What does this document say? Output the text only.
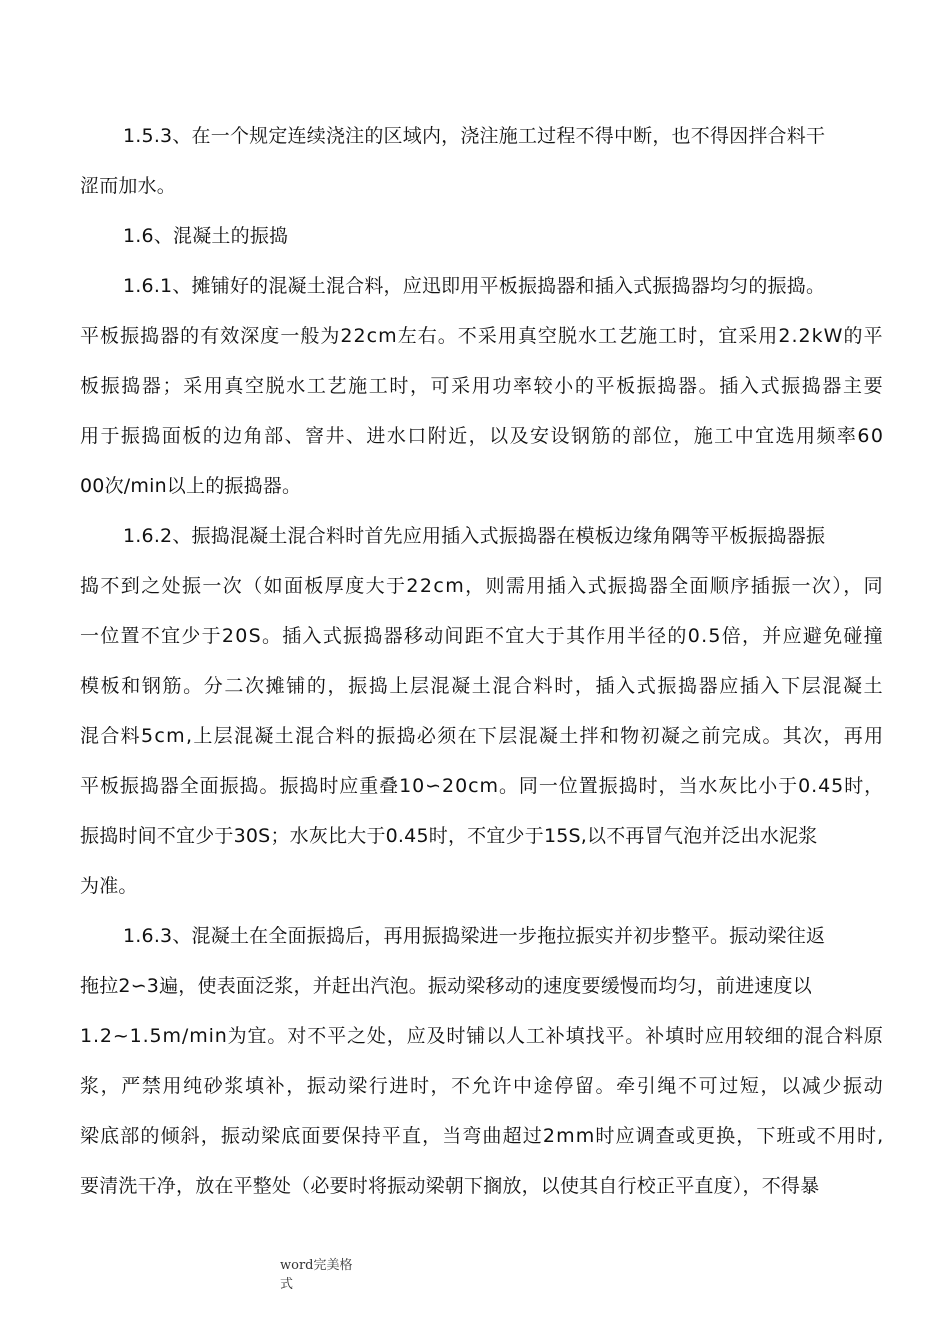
1.5.3、在一个规定连续浇注的区域内，浇注施工过程不得中断，也不得因拌合料干
涩而加水。
1.6、混凝土的振捣
1.6.1、摊铺好的混凝土混合料，应迅即用平板振捣器和插入式振捣器均匀的振捣。
平板振捣器的有效深度一般为22cm左右。不采用真空脱水工艺施工时，宜采用2.2kW的平
板振捣器；采用真空脱水工艺施工时，可采用功率较小的平板振捣器。插入式振捣器主要
用于振捣面板的边角部、窨井、进水口附近，以及安设钢筋的部位，施工中宜选用频率60
00次/min以上的振捣器。
1.6.2、振捣混凝土混合料时首先应用插入式振捣器在模板边缘角隅等平板振捣器振
捣不到之处振一次（如面板厚度大于22cm，则需用插入式振捣器全面顺序插振一次），同
一位置不宜少于20S。插入式振捣器移动间距不宜大于其作用半径的0.5倍，并应避免碰撞
模板和钢筋。分二次摊铺的，振捣上层混凝土混合料时，插入式振捣器应插入下层混凝土
混合料5cm,上层混凝土混合料的振捣必须在下层混凝土拌和物初凝之前完成。其次，再用
平板振捣器全面振捣。振捣时应重叠10∽20cm。同一位置振捣时，当水灰比小于0.45时，
振捣时间不宜少于30S；水灰比大于0.45时，不宜少于15S,以不再冒气泡并泛出水泥浆
为准。
1.6.3、混凝土在全面振捣后，再用振捣梁进一步拖拉振实并初步整平。振动梁往返
拖拉2∽3遍，使表面泛浆，并赶出汽泡。振动梁移动的速度要缓慢而均匀，前进速度以
1.2~1.5m/min为宜。对不平之处，应及时铺以人工补填找平。补填时应用较细的混合料原
浆，严禁用纯砂浆填补，振动梁行进时，不允许中途停留。牵引绳不可过短，以减少振动
梁底部的倾斜，振动梁底面要保持平直，当弯曲超过2mm时应调查或更换，下班或不用时,
要清洗干净，放在平整处（必要时将振动梁朝下搁放，以使其自行校正平直度），不得暴
word完美格式
